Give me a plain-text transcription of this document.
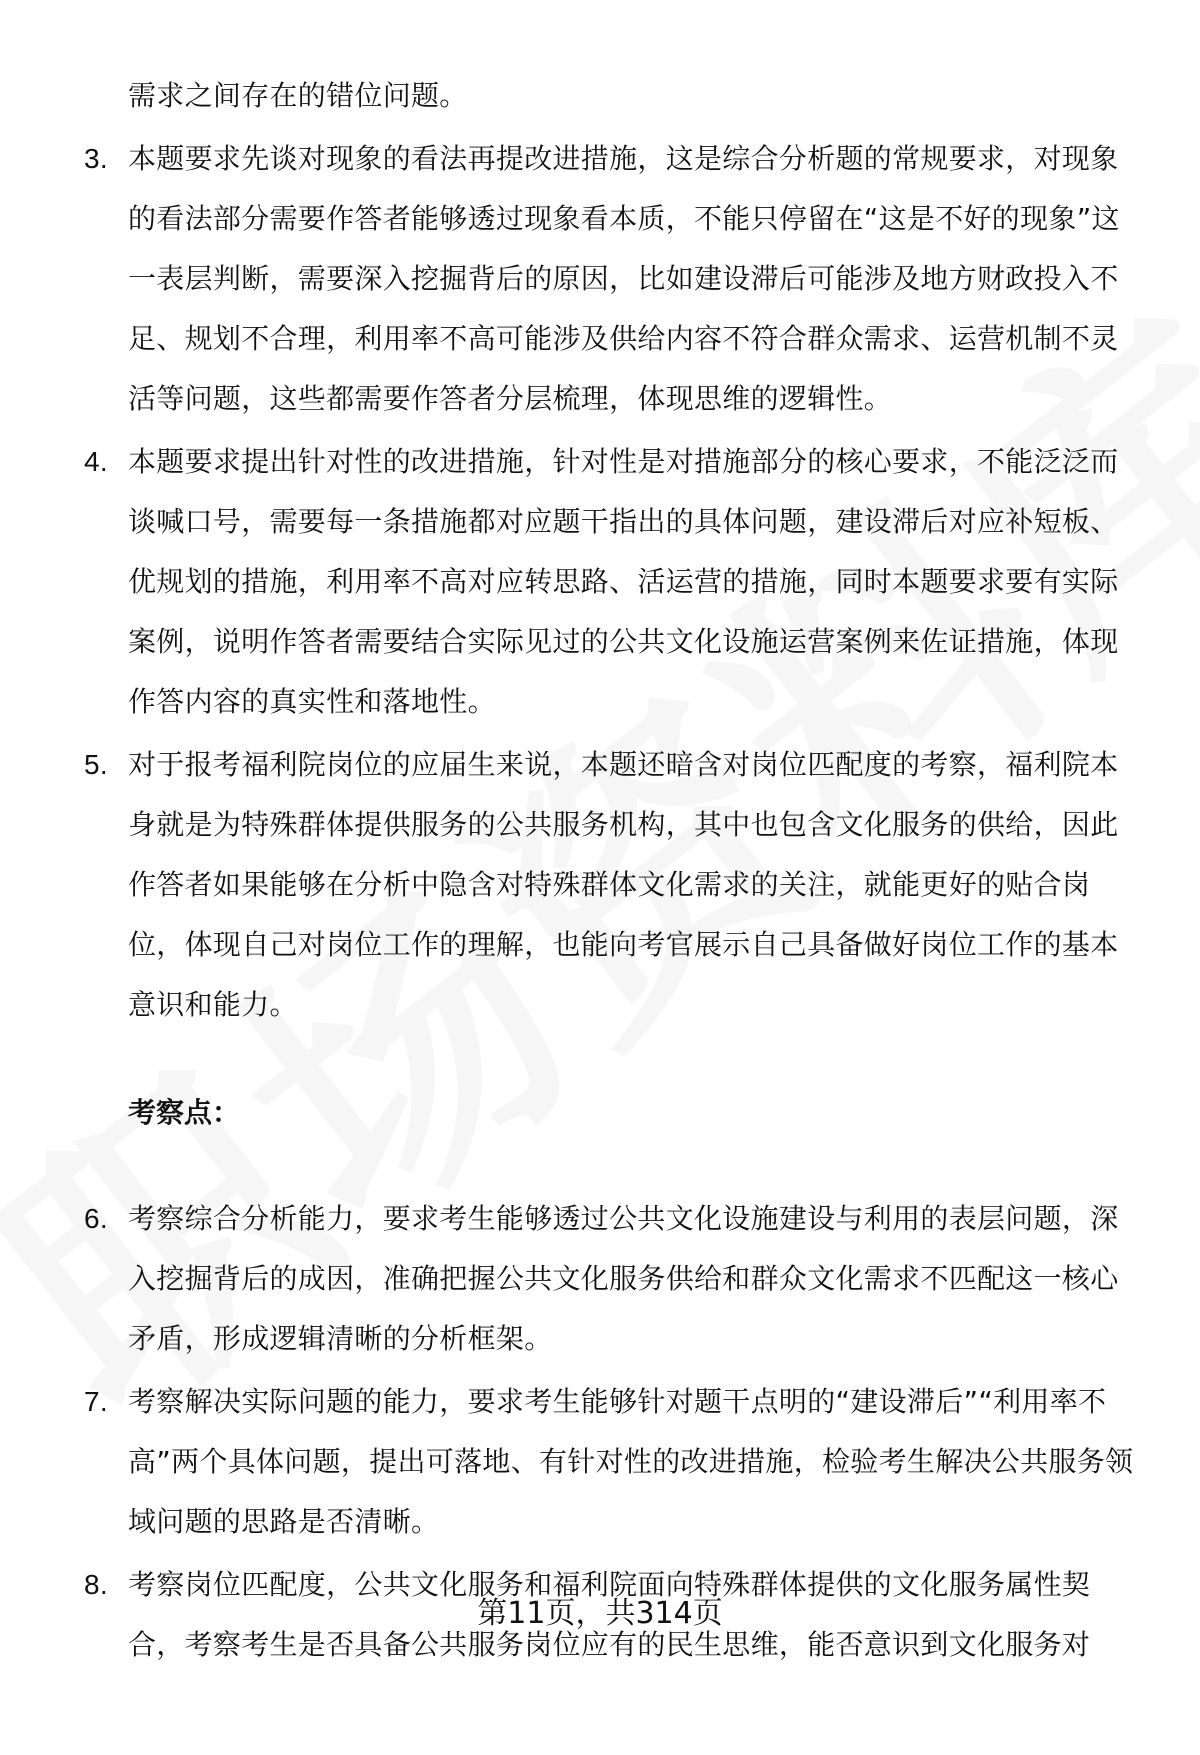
需求之间存在的错位问题。
3. 本题要求先谈对现象的看法再提改进措施，这是综合分析题的常规要求，对现象的看法部分需要作答者能够透过现象看本质，不能只停留在“这是不好的现象”这一表层判断，需要深入挖掘背后的原因，比如建设滞后可能涉及地方财政投入不足、规划不合理，利用率不高可能涉及供给内容不符合群众需求、运营机制不灵活等问题，这些都需要作答者分层梳理，体现思维的逻辑性。
4. 本题要求提出针对性的改进措施，针对性是对措施部分的核心要求，不能泛泛而谈喊口号，需要每一条措施都对应题干指出的具体问题，建设滞后对应补短板、优规划的措施，利用率不高对应转思路、活运营的措施，同时本题要求要有实际案例，说明作答者需要结合实际见过的公共文化设施运营案例来佐证措施，体现作答内容的真实性和落地性。
5. 对于报考福利院岗位的应届生来说，本题还暗含对岗位匹配度的考察，福利院本身就是为特殊群体提供服务的公共服务机构，其中也包含文化服务的供给，因此作答者如果能够在分析中隐含对特殊群体文化需求的关注，就能更好的贴合岗位，体现自己对岗位工作的理解，也能向考官展示自己具备做好岗位工作的基本意识和能力。
考察点：
6. 考察综合分析能力，要求考生能够透过公共文化设施建设与利用的表层问题，深入挖掘背后的成因，准确把握公共文化服务供给和群众文化需求不匹配这一核心矛盾，形成逻辑清晰的分析框架。
7. 考察解决实际问题的能力，要求考生能够针对题干点明的“建设滞后”“利用率不高”两个具体问题，提出可落地、有针对性的改进措施，检验考生解决公共服务领域问题的思路是否清晰。
8. 考察岗位匹配度，公共文化服务和福利院面向特殊群体提供的文化服务属性契合，考察考生是否具备公共服务岗位应有的民生思维，能否意识到文化服务对
第11页，共314页
